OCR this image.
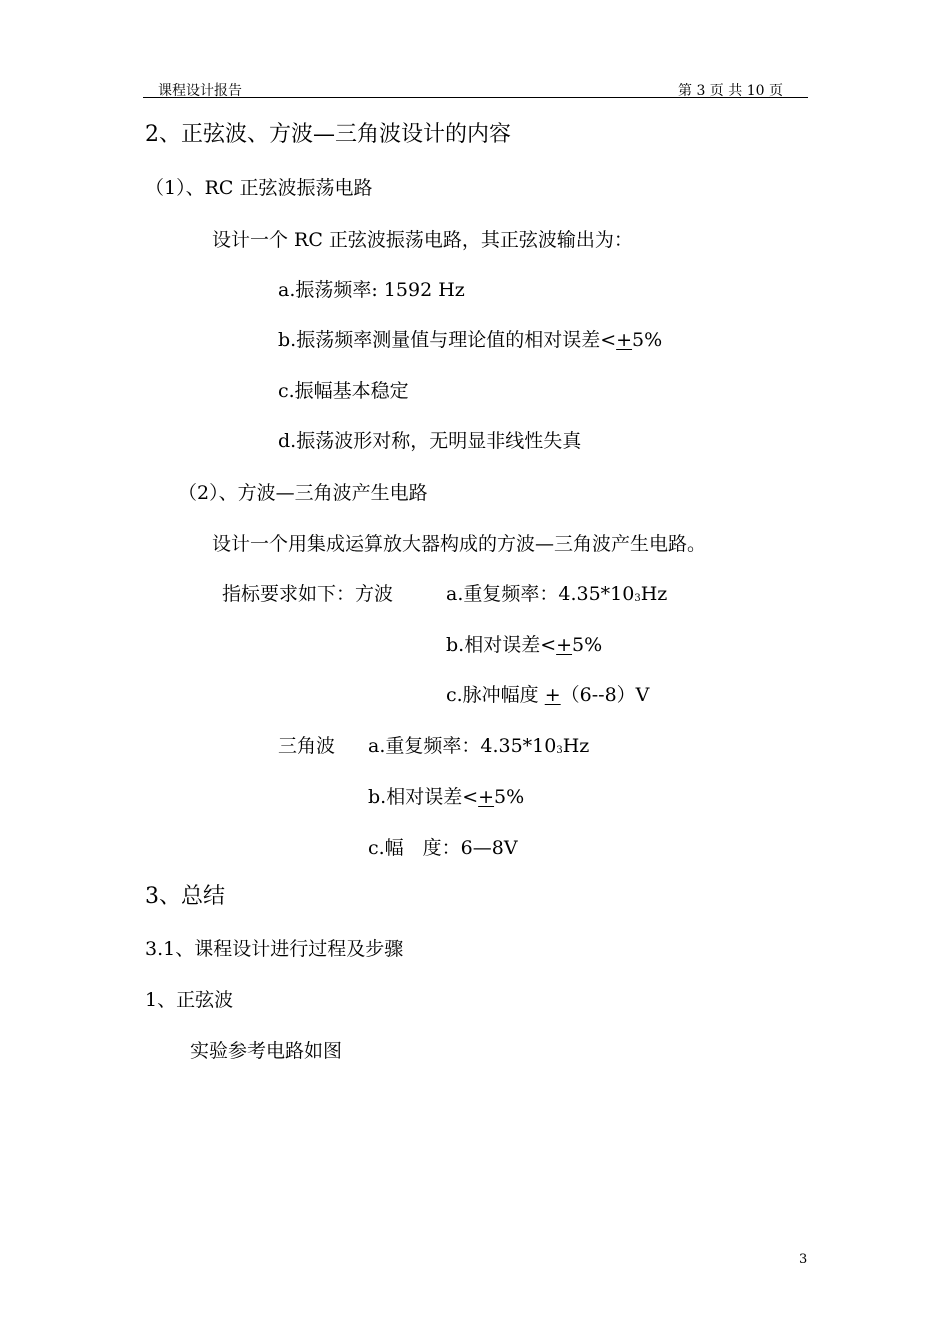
课程设计报告	第 3 页 共 10 页
2、正弦波、方波—三角波设计的内容
（1）、RC 正弦波振荡电路
设计一个 RC 正弦波振荡电路，其正弦波输出为：
a.振荡频率: 1592 Hz
b.振荡频率测量值与理论值的相对误差<+5%
c.振幅基本稳定
d.振荡波形对称，无明显非线性失真
（2）、方波—三角波产生电路
设计一个用集成运算放大器构成的方波—三角波产生电路。
指标要求如下：方波	a.重复频率：$4.35*10_3Hz$
b.相对误差<+5%
c.脉冲幅度 +（6--8）V
三角波 a.重复频率：$4.35*10_3Hz$
b.相对误差<+5%
c.幅　度：6—8V
3、总结
3.1、课程设计进行过程及步骤
1、正弦波
实验参考电路如图
3
